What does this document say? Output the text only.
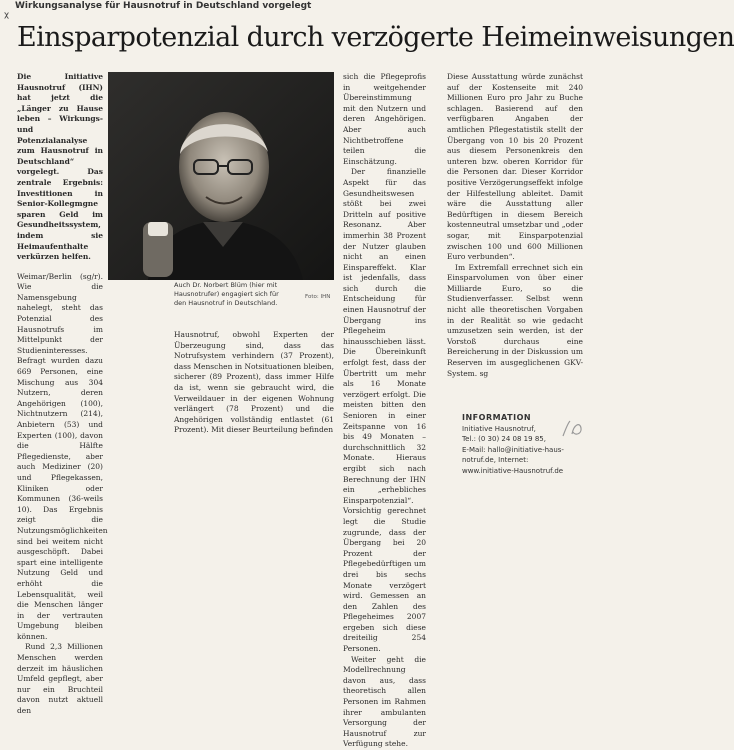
ᵪ Wirkungsanalyse für Hausnotruf in Deutschland vorgelegt
Einsparpotenzial durch verzögerte Heimeinweisungen

Die Initiative Hausnotruf (IHN) hat jetzt die „Länger zu Hause leben – Wirkungs- und Potenzialanalyse zum Hausnotruf in Deutschland“ vorgelegt. Das zentrale Ergebnis: Investitionen in Senior-Kollegmgne sparen Geld im Gesundheitssystem, indem sie Heimaufenthalte verkürzen helfen.

Weimar/Berlin (sg/r). Wie die Namensgebung nahelegt, steht das Potenzial des Hausnotrufs im Mittelpunkt der Studieninteresses. Befragt wurden dazu 669 Personen, eine Mischung aus 304 Nutzern, deren Angehörigen (100), Nichtnutzern (214), Anbietern (53) und Experten (100), davon die Hälfte Pflegedienste, aber auch Mediziner (20) und Pflegekassen, Kliniken oder Kommunen (36-weils 10). Das Ergebnis zeigt die Nutzungsmöglichkeiten sind bei weitem nicht ausgeschöpft. Dabei spart eine intelligente Nutzung Geld und erhöht die Lebensqualität, weil die Menschen länger in der vertrauten Umgebung bleiben können.

Rund 2,3 Millionen Menschen werden derzeit im häuslichen Umfeld gepflegt, aber nur ein Bruchteil davon nutzt aktuell den

Auch Dr. Norbert Blüm (hier mit Hausnotrufer) engagiert sich für den Hausnotruf in Deutschland.
Foto: IHN

Hausnotruf, obwohl Experten der Überzeugung sind, dass das Notrufsystem verhindern (37 Prozent), dass Menschen in Notsituationen bleiben, sicherer (89 Prozent), dass immer Hilfe da ist, wenn sie gebraucht wird, die Verweildauer in der eigenen Wohnung verlängert (78 Prozent) und die Angehörigen vollständig entlastet (61 Prozent). Mit dieser Beurteilung befinden

sich die Pflegeprofis in weitgehender Übereinstimmung mit den Nutzern und deren Angehörigen. Aber auch Nichtbetroffene teilen die Einschätzung.

Der finanzielle Aspekt für das Gesundheitswesen stößt bei zwei Dritteln auf positive Resonanz. Aber immerhin 38 Prozent der Nutzer glauben nicht an einen Einspareffekt. Klar ist jedenfalls, dass sich durch die Entscheidung für einen Hausnotruf der Übergang ins Pflegeheim hinausschieben lässt. Die Übereinkunft erfolgt fest, dass der Übertritt um mehr als 16 Monate verzögert erfolgt. Die meisten bitten den Senioren in einer Zeitspanne von 16 bis 49 Monaten – durchschnittlich 32 Monate. Hieraus ergibt sich nach Berechnung der IHN ein „erhebliches Einsparpotenzial“. Vorsichtig gerechnet legt die Studie zugrunde, dass der Übergang bei 20 Prozent der Pflegebedürftigen um drei bis sechs Monate verzögert wird. Gemessen an den Zahlen des Pflegeheimes 2007 ergeben sich diese dreiteilig 254 Personen.

Weiter geht die Modellrechnung davon aus, dass theoretisch allen Personen im Rahmen ihrer ambulanten Versorgung der Hausnotruf zur Verfügung stehe.

Diese Ausstattung würde zunächst auf der Kostenseite mit 240 Millionen Euro pro Jahr zu Buche schlagen. Basierend auf den verfügbaren Angaben der amtlichen Pflegestatistik stellt der Übergang von 10 bis 20 Prozent aus diesem Personenkreis den unteren bzw. oberen Korridor für die Personen dar. Dieser Korridor positive Verzögerungseffekt infolge der Hilfestellung ableitet. Damit wäre die Ausstattung aller Bedürftigen in diesem Bereich kostenneutral umsetzbar und „oder sogar, mit Einsparpotenzial zwischen 100 und 600 Millionen Euro verbunden“.

Im Extremfall errechnet sich ein Einsparvolumen von über einer Milliarde Euro, so die Studienverfasser. Selbst wenn nicht alle theoretischen Vorgaben in der Realität so wie gedacht umzusetzen sein werden, ist der Vorstoß durchaus eine Bereicherung in der Diskussion um Reserven im ausgeglichenen GKV-System. sg

INFORMATION
Initiative Hausnotruf,
Tel.: (0 30) 24 08 19 85,
E-Mail: hallo@initiative-haus-
notruf.de, Internet:
www.initiative-Hausnotruf.de
